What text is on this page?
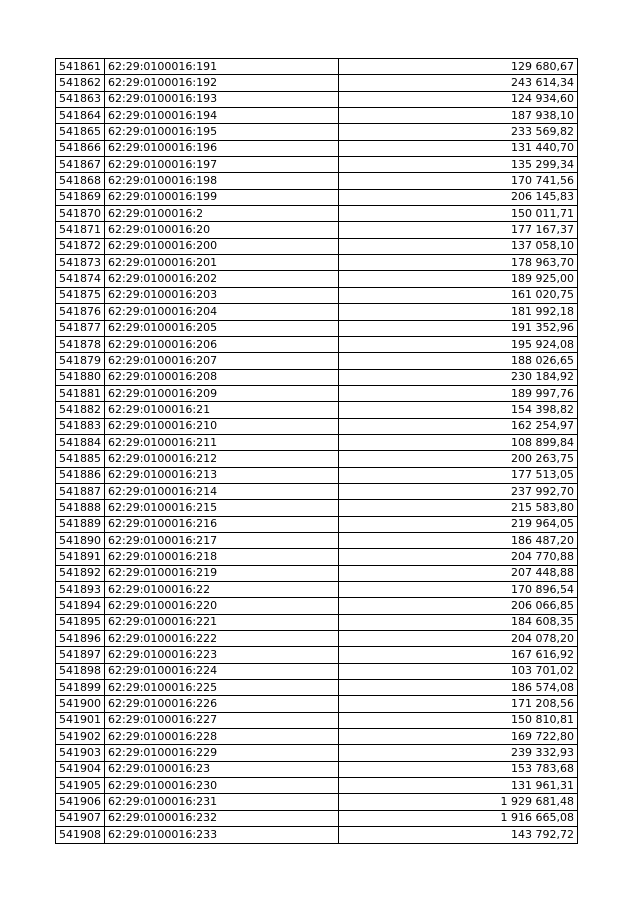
541861	62:29:0100016:191	129 680,67
541862	62:29:0100016:192	243 614,34
541863	62:29:0100016:193	124 934,60
541864	62:29:0100016:194	187 938,10
541865	62:29:0100016:195	233 569,82
541866	62:29:0100016:196	131 440,70
541867	62:29:0100016:197	135 299,34
541868	62:29:0100016:198	170 741,56
541869	62:29:0100016:199	206 145,83
541870	62:29:0100016:2	150 011,71
541871	62:29:0100016:20	177 167,37
541872	62:29:0100016:200	137 058,10
541873	62:29:0100016:201	178 963,70
541874	62:29:0100016:202	189 925,00
541875	62:29:0100016:203	161 020,75
541876	62:29:0100016:204	181 992,18
541877	62:29:0100016:205	191 352,96
541878	62:29:0100016:206	195 924,08
541879	62:29:0100016:207	188 026,65
541880	62:29:0100016:208	230 184,92
541881	62:29:0100016:209	189 997,76
541882	62:29:0100016:21	154 398,82
541883	62:29:0100016:210	162 254,97
541884	62:29:0100016:211	108 899,84
541885	62:29:0100016:212	200 263,75
541886	62:29:0100016:213	177 513,05
541887	62:29:0100016:214	237 992,70
541888	62:29:0100016:215	215 583,80
541889	62:29:0100016:216	219 964,05
541890	62:29:0100016:217	186 487,20
541891	62:29:0100016:218	204 770,88
541892	62:29:0100016:219	207 448,88
541893	62:29:0100016:22	170 896,54
541894	62:29:0100016:220	206 066,85
541895	62:29:0100016:221	184 608,35
541896	62:29:0100016:222	204 078,20
541897	62:29:0100016:223	167 616,92
541898	62:29:0100016:224	103 701,02
541899	62:29:0100016:225	186 574,08
541900	62:29:0100016:226	171 208,56
541901	62:29:0100016:227	150 810,81
541902	62:29:0100016:228	169 722,80
541903	62:29:0100016:229	239 332,93
541904	62:29:0100016:23	153 783,68
541905	62:29:0100016:230	131 961,31
541906	62:29:0100016:231	1 929 681,48
541907	62:29:0100016:232	1 916 665,08
541908	62:29:0100016:233	143 792,72
